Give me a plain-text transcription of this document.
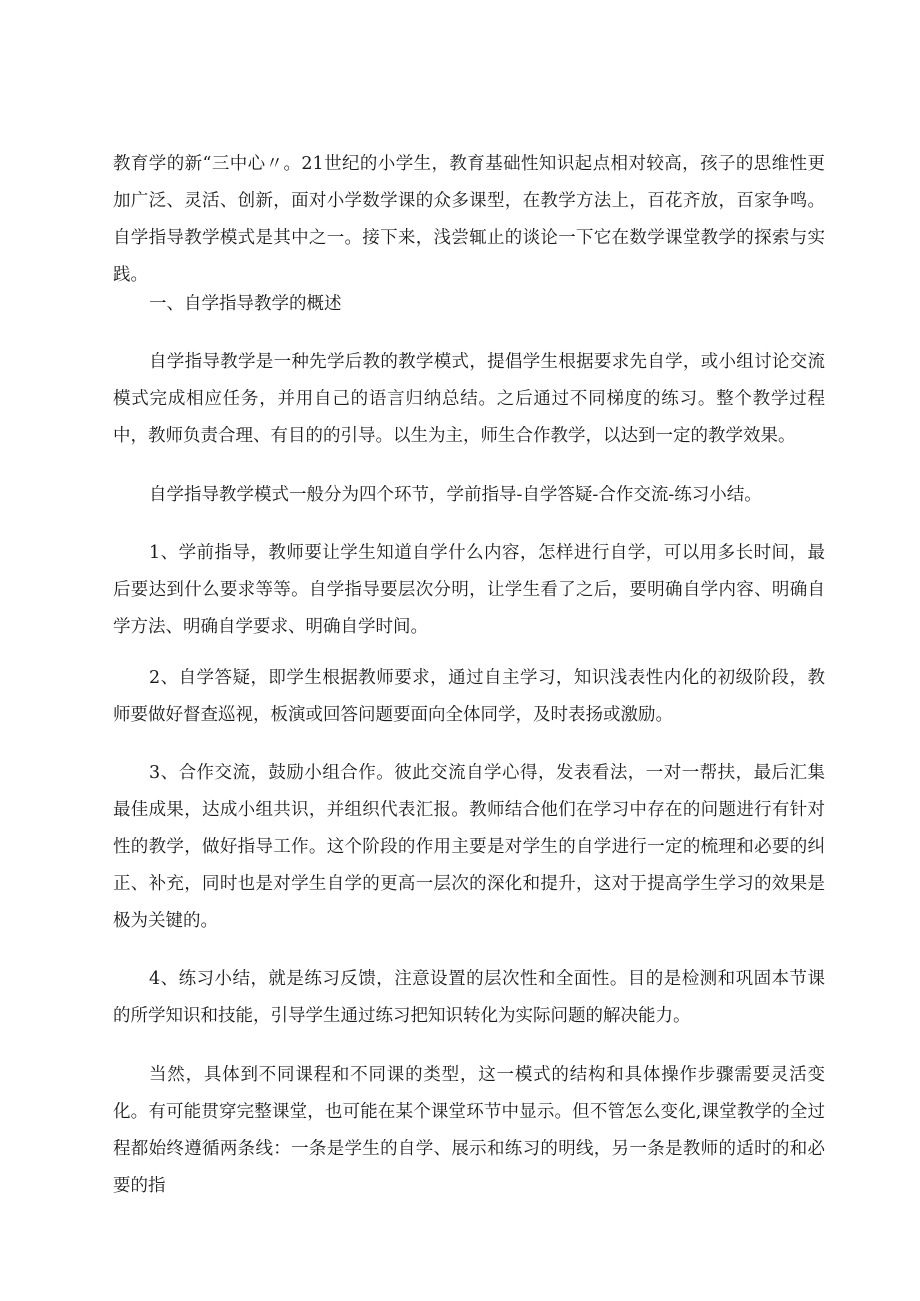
教育学的新“三中心〃。21世纪的小学生，教育基础性知识起点相对较高，孩子的思维性更加广泛、灵活、创新，面对小学数学课的众多课型，在教学方法上，百花齐放，百家争鸣。自学指导教学模式是其中之一。接下来，浅尝辄止的谈论一下它在数学课堂教学的探索与实践。

一、自学指导教学的概述

自学指导教学是一种先学后教的教学模式，提倡学生根据要求先自学，或小组讨论交流模式完成相应任务，并用自己的语言归纳总结。之后通过不同梯度的练习。整个教学过程中，教师负责合理、有目的的引导。以生为主，师生合作教学，以达到一定的教学效果。

自学指导教学模式一般分为四个环节，学前指导-自学答疑-合作交流-练习小结。

1、学前指导，教师要让学生知道自学什么内容，怎样进行自学，可以用多长时间，最后要达到什么要求等等。自学指导要层次分明，让学生看了之后，要明确自学内容、明确自学方法、明确自学要求、明确自学时间。

2、自学答疑，即学生根据教师要求，通过自主学习，知识浅表性内化的初级阶段，教师要做好督查巡视，板演或回答问题要面向全体同学，及时表扬或激励。

3、合作交流，鼓励小组合作。彼此交流自学心得，发表看法，一对一帮扶，最后汇集最佳成果，达成小组共识，并组织代表汇报。教师结合他们在学习中存在的问题进行有针对性的教学，做好指导工作。这个阶段的作用主要是对学生的自学进行一定的梳理和必要的纠正、补充，同时也是对学生自学的更高一层次的深化和提升，这对于提高学生学习的效果是极为关键的。

4、练习小结，就是练习反馈，注意设置的层次性和全面性。目的是检测和巩固本节课的所学知识和技能，引导学生通过练习把知识转化为实际问题的解决能力。

当然，具体到不同课程和不同课的类型，这一模式的结构和具体操作步骤需要灵活变化。有可能贯穿完整课堂，也可能在某个课堂环节中显示。但不管怎么变化,课堂教学的全过程都始终遵循两条线：一条是学生的自学、展示和练习的明线，另一条是教师的适时的和必要的指
